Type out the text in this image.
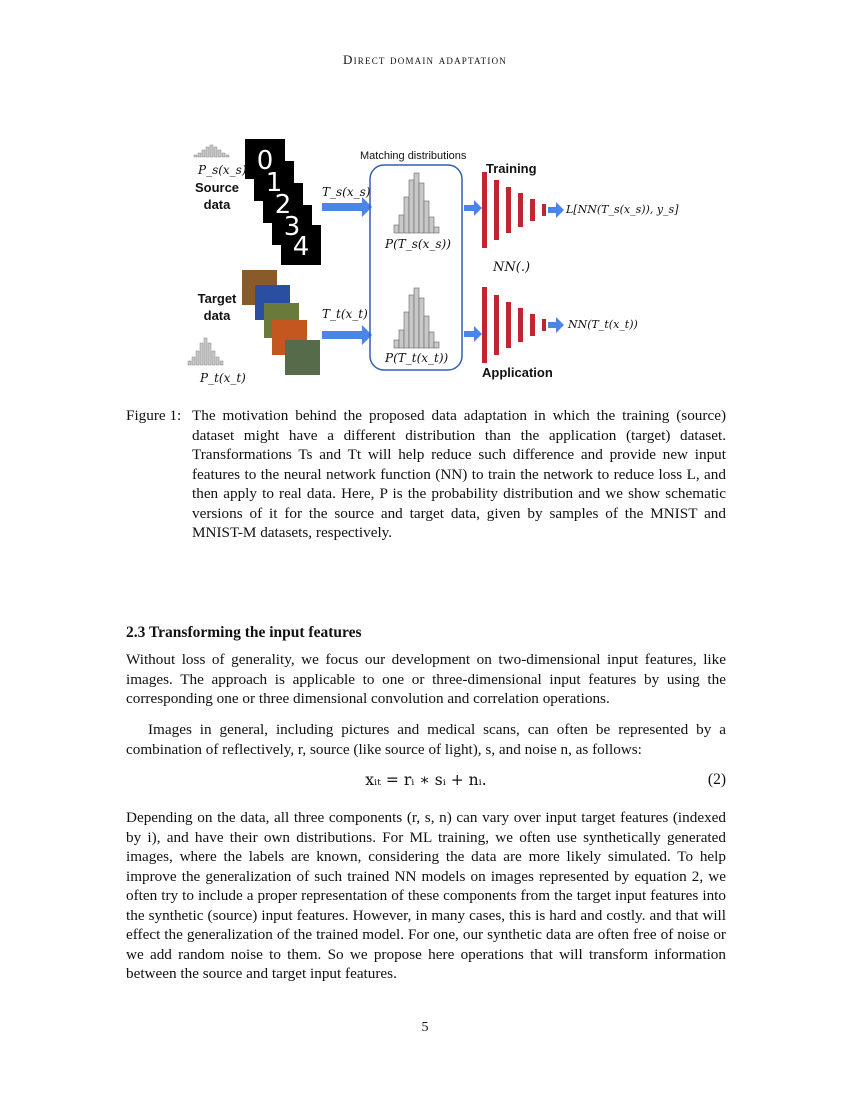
Direct domain adaptation
0
1
2
3
4
Matching distributions
Training
Application
Source data
Target data
P_s(x_s)
P_t(x_t)
T_s(x_s)
T_t(x_t)
P(T_s(x_s))
P(T_t(x_t))
NN(.)
L[NN(T_s(x_s)), y_s]
NN(T_t(x_t))
Figure 1: The motivation behind the proposed data adaptation in which the training (source) dataset might have a different distribution than the application (target) dataset. Transformations Ts and Tt will help reduce such difference and provide new input features to the neural network function (NN) to train the network to reduce loss L, and then apply to real data. Here, P is the probability distribution and we show schematic versions of it for the source and target data, given by samples of the MNIST and MNIST-M datasets, respectively.
2.3 Transforming the input features
Without loss of generality, we focus our development on two-dimensional input features, like images. The approach is applicable to one or three-dimensional input features by using the corresponding one or three dimensional convolution and correlation operations.
Images in general, including pictures and medical scans, can often be represented by a combination of reflectively, r, source (like source of light), s, and noise n, as follows:
xᵢₜ = rᵢ ∗ sᵢ + nᵢ.	(2)
Depending on the data, all three components (r, s, n) can vary over input target features (indexed by i), and have their own distributions. For ML training, we often use synthetically generated images, where the labels are known, considering the data are more likely simulated. To help improve the generalization of such trained NN models on images represented by equation 2, we often try to include a proper representation of these components from the target input features into the synthetic (source) input features. However, in many cases, this is hard and costly. and that will effect the generalization of the trained model. For one, our synthetic data are often free of noise or we add random noise to them. So we propose here operations that will transform information between the source and target input features.
5
